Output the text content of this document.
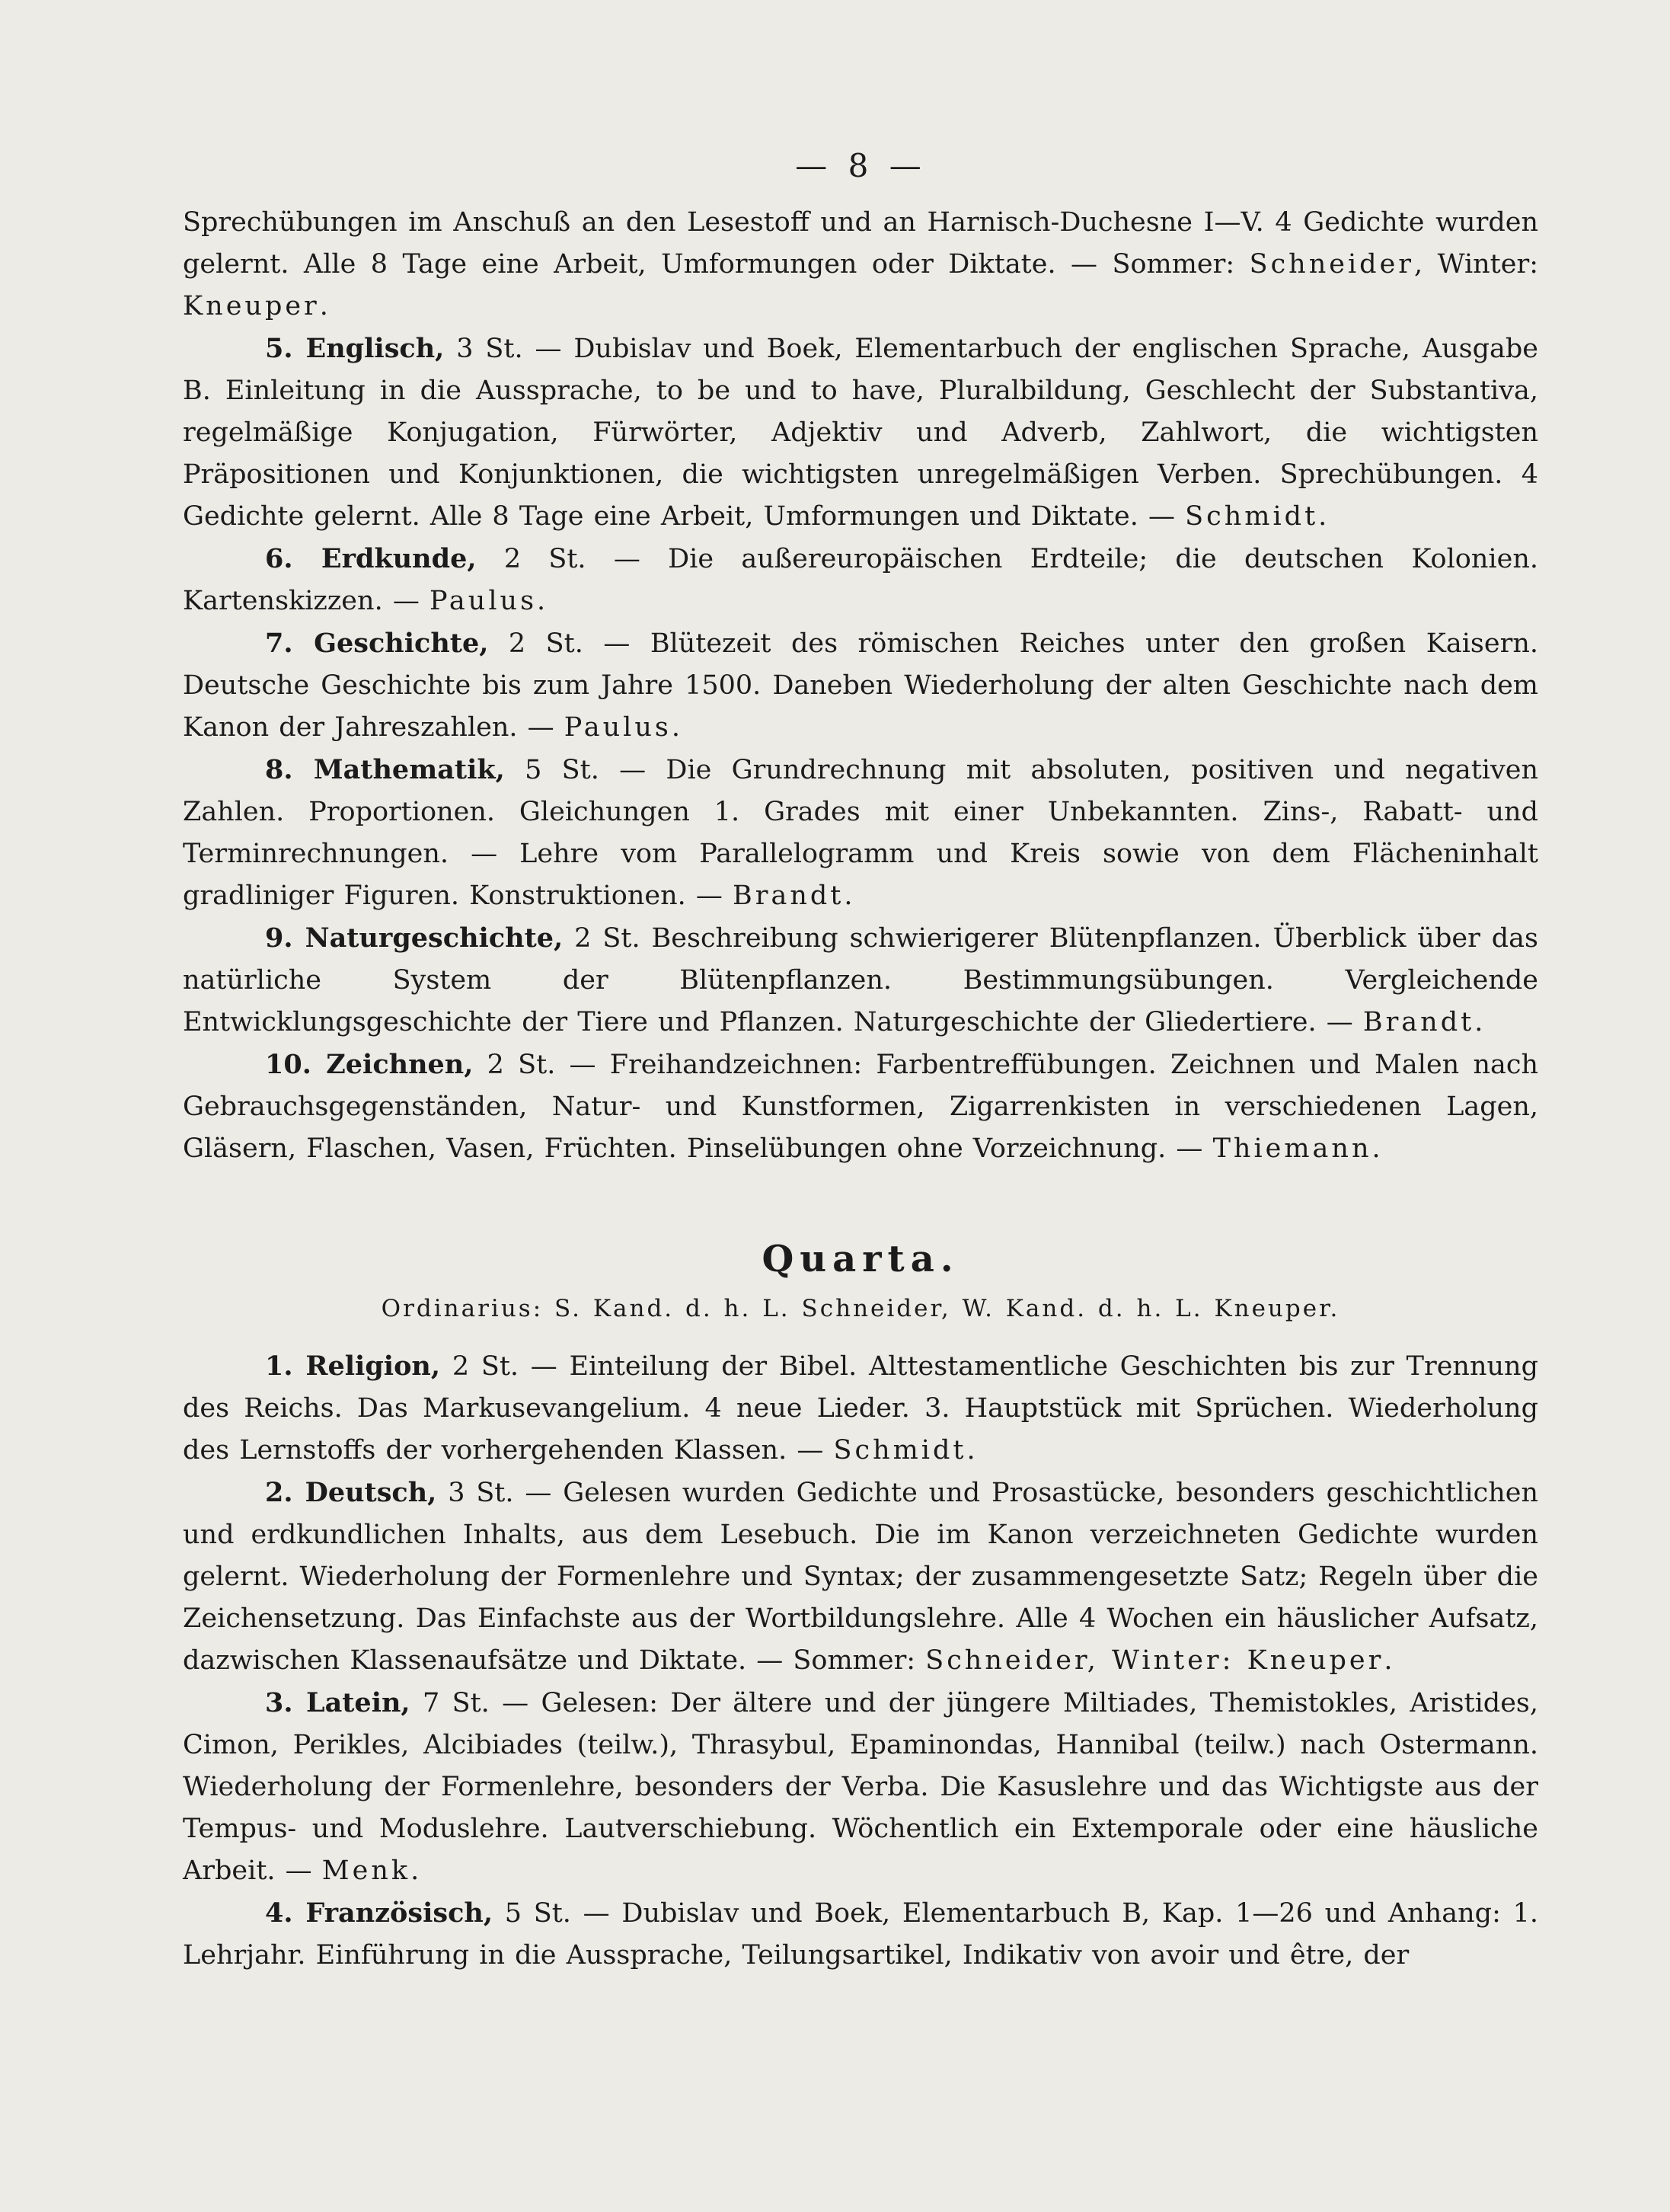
— 8 —

Sprechübungen im Anschuß an den Lesestoff und an Harnisch-Duchesne I—V. 4 Gedichte wurden gelernt. Alle 8 Tage eine Arbeit, Umformungen oder Diktate. — Sommer: Schneider, Winter: Kneuper.

5. Englisch, 3 St. — Dubislav und Boek, Elementarbuch der englischen Sprache, Ausgabe B. Einleitung in die Aussprache, to be und to have, Pluralbildung, Geschlecht der Substantiva, regelmäßige Konjugation, Fürwörter, Adjektiv und Adverb, Zahlwort, die wichtigsten Präpositionen und Konjunktionen, die wichtigsten unregelmäßigen Verben. Sprechübungen. 4 Gedichte gelernt. Alle 8 Tage eine Arbeit, Umformungen und Diktate. — Schmidt.

6. Erdkunde, 2 St. — Die außereuropäischen Erdteile; die deutschen Kolonien. Kartenskizzen. — Paulus.

7. Geschichte, 2 St. — Blütezeit des römischen Reiches unter den großen Kaisern. Deutsche Geschichte bis zum Jahre 1500. Daneben Wiederholung der alten Geschichte nach dem Kanon der Jahreszahlen. — Paulus.

8. Mathematik, 5 St. — Die Grundrechnung mit absoluten, positiven und negativen Zahlen. Proportionen. Gleichungen 1. Grades mit einer Unbekannten. Zins-, Rabatt- und Terminrechnungen. — Lehre vom Parallelogramm und Kreis sowie von dem Flächeninhalt gradliniger Figuren. Konstruktionen. — Brandt.

9. Naturgeschichte, 2 St. Beschreibung schwierigerer Blütenpflanzen. Überblick über das natürliche System der Blütenpflanzen. Bestimmungsübungen. Vergleichende Entwicklungsgeschichte der Tiere und Pflanzen. Naturgeschichte der Gliedertiere. — Brandt.

10. Zeichnen, 2 St. — Freihandzeichnen: Farbentreffübungen. Zeichnen und Malen nach Gebrauchsgegenständen, Natur- und Kunstformen, Zigarrenkisten in verschiedenen Lagen, Gläsern, Flaschen, Vasen, Früchten. Pinselübungen ohne Vorzeichnung. — Thiemann.

Quarta.
Ordinarius: S. Kand. d. h. L. Schneider, W. Kand. d. h. L. Kneuper.

1. Religion, 2 St. — Einteilung der Bibel. Alttestamentliche Geschichten bis zur Trennung des Reichs. Das Markusevangelium. 4 neue Lieder. 3. Hauptstück mit Sprüchen. Wiederholung des Lernstoffs der vorhergehenden Klassen. — Schmidt.

2. Deutsch, 3 St. — Gelesen wurden Gedichte und Prosastücke, besonders geschichtlichen und erdkundlichen Inhalts, aus dem Lesebuch. Die im Kanon verzeichneten Gedichte wurden gelernt. Wiederholung der Formenlehre und Syntax; der zusammengesetzte Satz; Regeln über die Zeichensetzung. Das Einfachste aus der Wortbildungslehre. Alle 4 Wochen ein häuslicher Aufsatz, dazwischen Klassenaufsätze und Diktate. — Sommer: Schneider, Winter: Kneuper.

3. Latein, 7 St. — Gelesen: Der ältere und der jüngere Miltiades, Themistokles, Aristides, Cimon, Perikles, Alcibiades (teilw.), Thrasybul, Epaminondas, Hannibal (teilw.) nach Ostermann. Wiederholung der Formenlehre, besonders der Verba. Die Kasuslehre und das Wichtigste aus der Tempus- und Moduslehre. Lautverschiebung. Wöchentlich ein Extemporale oder eine häusliche Arbeit. — Menk.

4. Französisch, 5 St. — Dubislav und Boek, Elementarbuch B, Kap. 1—26 und Anhang: 1. Lehrjahr. Einführung in die Aussprache, Teilungsartikel, Indikativ von avoir und être, der
